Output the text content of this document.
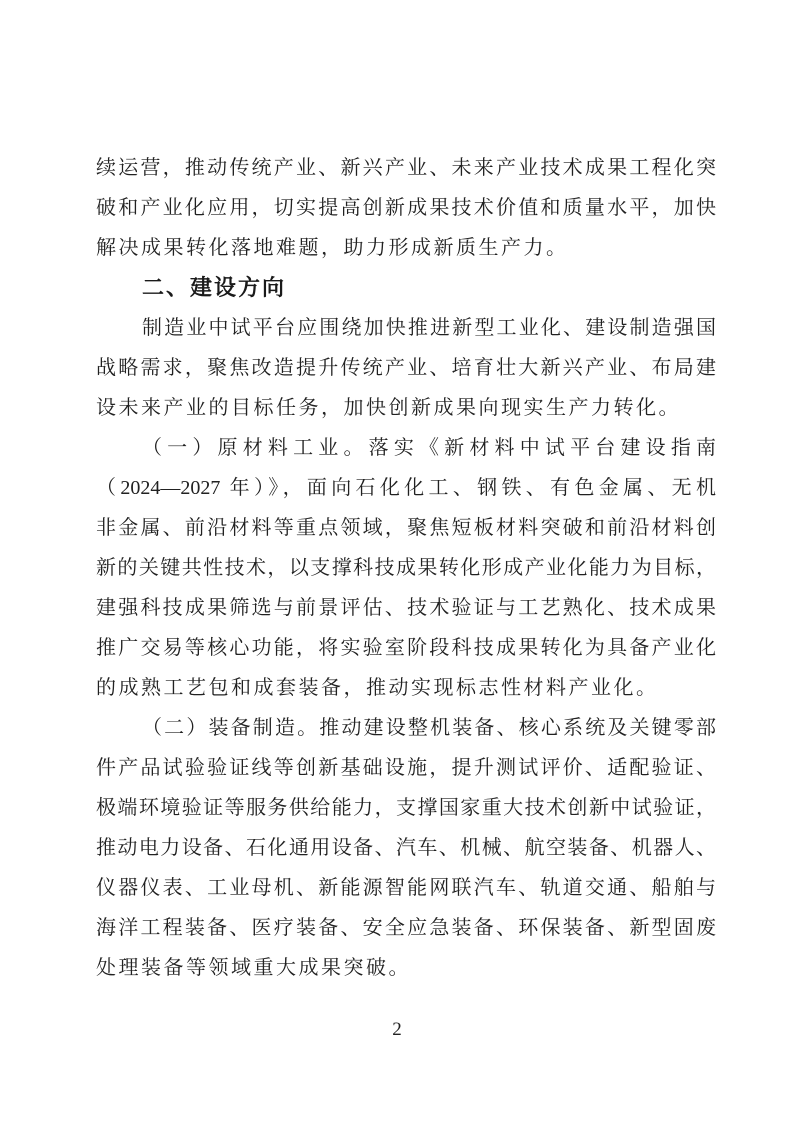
续运营，推动传统产业、新兴产业、未来产业技术成果工程化突
破和产业化应用，切实提高创新成果技术价值和质量水平，加快
解决成果转化落地难题，助力形成新质生产力。
二、建设方向
制造业中试平台应围绕加快推进新型工业化、建设制造强国
战略需求，聚焦改造提升传统产业、培育壮大新兴产业、布局建
设未来产业的目标任务，加快创新成果向现实生产力转化。
（一）原材料工业。落实《新材料中试平台建设指南
（2024—2027 年）》，面向石化化工、钢铁、有色金属、无机
非金属、前沿材料等重点领域，聚焦短板材料突破和前沿材料创
新的关键共性技术，以支撑科技成果转化形成产业化能力为目标，
建强科技成果筛选与前景评估、技术验证与工艺熟化、技术成果
推广交易等核心功能，将实验室阶段科技成果转化为具备产业化
的成熟工艺包和成套装备，推动实现标志性材料产业化。
（二）装备制造。推动建设整机装备、核心系统及关键零部
件产品试验验证线等创新基础设施，提升测试评价、适配验证、
极端环境验证等服务供给能力，支撑国家重大技术创新中试验证，
推动电力设备、石化通用设备、汽车、机械、航空装备、机器人、
仪器仪表、工业母机、新能源智能网联汽车、轨道交通、船舶与
海洋工程装备、医疗装备、安全应急装备、环保装备、新型固废
处理装备等领域重大成果突破。
2
